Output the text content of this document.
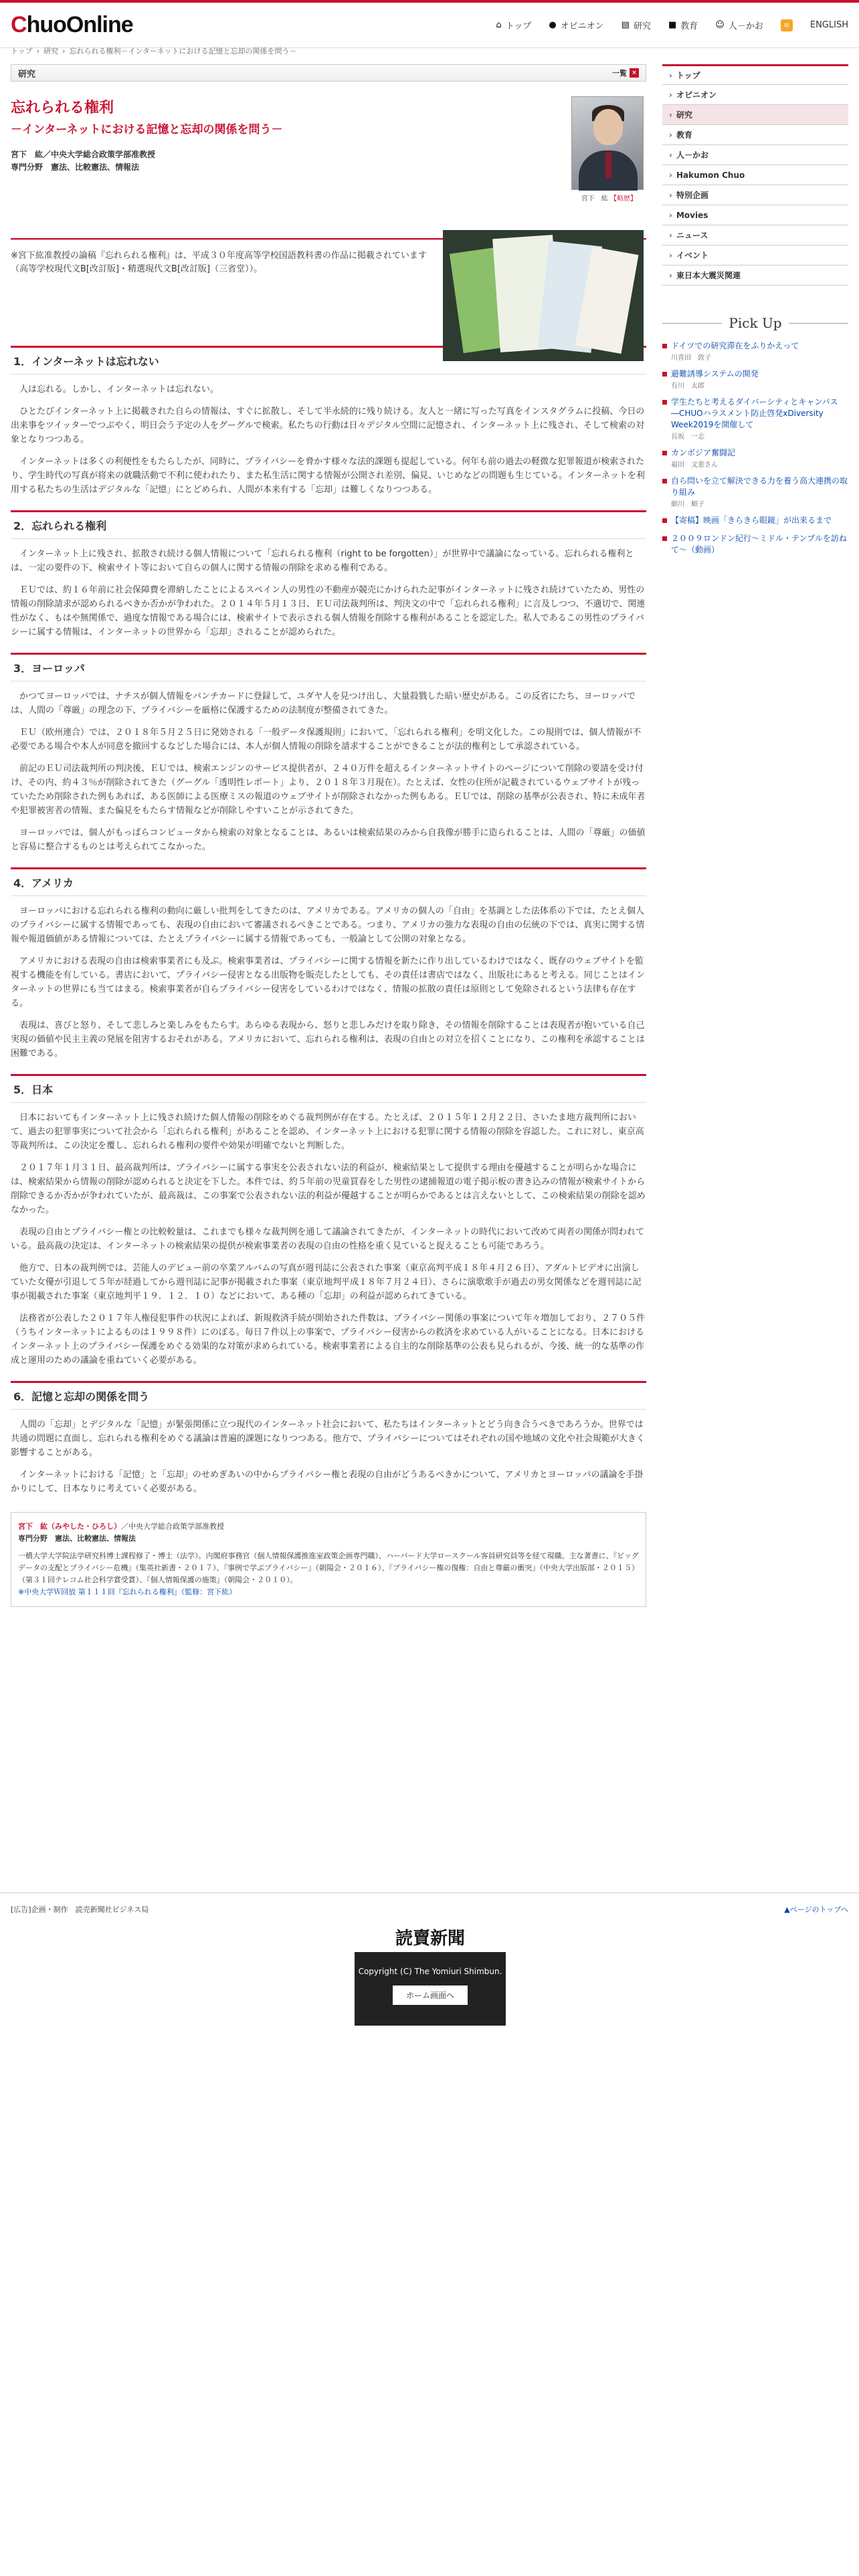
ChuoOnline	⌂ トップ ● オピニオン ▤ 研究 ■ 教育 ☺ 人－かお	≡	ENGLISH
トップ › 研究 › 忘れられる権利－インターネットにおける記憶と忘却の関係を問う－
研究	一覧 ×
忘れられる権利
－インターネットにおける記憶と忘却の関係を問う－
宮下　紘／中央大学総合政策学部准教授
専門分野　憲法、比較憲法、情報法
宮下　紘 【略歴】
※宮下紘准教授の論稿『忘れられる権利』は、平成３０年度高等学校国語教科書の作品に掲載されています（高等学校現代文B[改訂版]・精選現代文B[改訂版]（三省堂））。
1．インターネットは忘れない

人は忘れる。しかし、インターネットは忘れない。

ひとたびインターネット上に掲載された自らの情報は、すぐに拡散し、そして半永続的に残り続ける。友人と一緒に写った写真をインスタグラムに投稿、今日の出来事をツイッターでつぶやく、明日会う予定の人をグーグルで検索。私たちの行動は日々デジタル空間に記憶され、インターネット上に残され、そして検索の対象となりつつある。

インターネットは多くの利便性をもたらしたが、同時に、プライバシーを脅かす様々な法的課題も提起している。何年も前の過去の軽微な犯罪報道が検索されたり、学生時代の写真が将来の就職活動で不利に使われたり、また私生活に関する情報が公開され差別、偏見、いじめなどの問題も生じている。インターネットを利用する私たちの生活はデジタルな「記憶」にとどめられ、人間が本来有する「忘却」は難しくなりつつある。

2．忘れられる権利

インターネット上に残され、拡散され続ける個人情報について「忘れられる権利（right to be forgotten）」が世界中で議論になっている。忘れられる権利とは、一定の要件の下、検索サイト等において自らの個人に関する情報の削除を求める権利である。

ＥＵでは、約１６年前に社会保障費を滞納したことによるスペイン人の男性の不動産が競売にかけられた記事がインターネットに残され続けていたため、男性の情報の削除請求が認められるべきか否かが争われた。２０１４年５月１３日、ＥＵ司法裁判所は、判決文の中で「忘れられる権利」に言及しつつ、不適切で、関連性がなく、もはや無関係で、過度な情報である場合には、検索サイトで表示される個人情報を削除する権利があることを認定した。私人であるこの男性のプライバシーに属する情報は、インターネットの世界から「忘却」されることが認められた。

3．ヨーロッパ

かつてヨーロッパでは、ナチスが個人情報をパンチカードに登録して、ユダヤ人を見つけ出し、大量殺戮した暗い歴史がある。この反省にたち、ヨーロッパでは、人間の「尊厳」の理念の下、プライバシーを厳格に保護するための法制度が整備されてきた。

ＥＵ（欧州連合）では、２０１８年５月２５日に発効される「一般データ保護規則」において、「忘れられる権利」を明文化した。この規則では、個人情報が不必要である場合や本人が同意を撤回するなどした場合には、本人が個人情報の削除を請求することができることが法的権利として承認されている。

前記のＥＵ司法裁判所の判決後、ＥＵでは、検索エンジンのサービス提供者が、２４０万件を超えるインターネットサイトのページについて削除の要請を受け付け、その内、約４３％が削除されてきた（グーグル「透明性レポート」より、２０１８年３月現在）。たとえば、女性の住所が記載されているウェブサイトが残っていたため削除された例もあれば、ある医師による医療ミスの報道のウェブサイトが削除されなかった例もある。ＥＵでは、削除の基準が公表され、特に未成年者や犯罪被害者の情報、また偏見をもたらす情報などが削除しやすいことが示されてきた。

ヨーロッパでは、個人がもっぱらコンピュータから検索の対象となることは、あるいは検索結果のみから自我像が勝手に造られることは、人間の「尊厳」の価値と容易に整合するものとは考えられてこなかった。

4．アメリカ

ヨーロッパにおける忘れられる権利の動向に厳しい批判をしてきたのは、アメリカである。アメリカの個人の「自由」を基調とした法体系の下では、たとえ個人のプライバシーに属する情報であっても、表現の自由において審議されるべきことである。つまり、アメリカの強力な表現の自由の伝統の下では、真実に関する情報や報道価値がある情報については、たとえプライバシーに属する情報であっても、一般論として公開の対象となる。

アメリカにおける表現の自由は検索事業者にも及ぶ。検索事業者は、プライバシーに関する情報を新たに作り出しているわけではなく、既存のウェブサイトを監視する機能を有している。書店において、プライバシー侵害となる出版物を販売したとしても、その責任は書店ではなく、出版社にあると考える。同じことはインターネットの世界にも当てはまる。検索事業者が自らプライバシー侵害をしているわけではなく、情報の拡散の責任は原則として免除されるという法律も存在する。

表現は、喜びと怒り、そして悲しみと楽しみをもたらす。あらゆる表現から、怒りと悲しみだけを取り除き、その情報を削除することは表現者が抱いている自己実現の価値や民主主義の発展を阻害するおそれがある。アメリカにおいて、忘れられる権利は、表現の自由との対立を招くことになり、この権利を承認することは困難である。

5．日本

日本においてもインターネット上に残され続けた個人情報の削除をめぐる裁判例が存在する。たとえば、２０１５年１２月２２日、さいたま地方裁判所において、過去の犯罪事実について社会から「忘れられる権利」があることを認め、インターネット上における犯罪に関する情報の削除を容認した。これに対し、東京高等裁判所は、この決定を覆し、忘れられる権利の要件や効果が明確でないと判断した。

２０１７年１月３１日、最高裁判所は、プライバシーに属する事実を公表されない法的利益が、検索結果として提供する理由を優越することが明らかな場合には、検索結果から情報の削除が認められると決定を下した。本件では、約５年前の児童買春をした男性の逮捕報道の電子掲示板の書き込みの情報が検索サイトから削除できるか否かが争われていたが、最高裁は、この事案で公表されない法的利益が優越することが明らかであるとは言えないとして、この検索結果の削除を認めなかった。

表現の自由とプライバシー権との比較較量は、これまでも様々な裁判例を通して議論されてきたが、インターネットの時代において改めて両者の関係が問われている。最高裁の決定は、インターネットの検索結果の提供が検索事業者の表現の自由の性格を重く見ていると捉えることも可能であろう。

他方で、日本の裁判例では、芸能人のデビュー前の卒業アルバムの写真が週刊誌に公表された事案（東京高判平成１８年４月２６日）、アダルトビデオに出演していた女優が引退して５年が経過してから週刊誌に記事が掲載された事案（東京地判平成１８年７月２４日）、さらに演歌歌手が過去の男女関係などを週刊誌に記事が掲載された事案（東京地判平１９．１２．１０）などにおいて、ある種の「忘却」の利益が認められてきている。

法務省が公表した２０１７年人権侵犯事件の状況によれば、新規救済手続が開始された件数は、プライバシー関係の事案について年々増加しており、２７０５件（うちインターネットによるものは１９９８件）にのぼる。毎日７件以上の事案で、プライバシー侵害からの救済を求めている人がいることになる。日本におけるインターネット上のプライバシー保護をめぐる効果的な対策が求められている。検索事業者による自主的な削除基準の公表も見られるが、今後、統一的な基準の作成と運用のための議論を重ねていく必要がある。

6．記憶と忘却の関係を問う

人間の「忘却」とデジタルな「記憶」が緊張関係に立つ現代のインターネット社会において、私たちはインターネットとどう向き合うべきであろうか。世界では共通の問題に直面し、忘れられる権利をめぐる議論は普遍的課題になりつつある。他方で、プライバシーについてはそれぞれの国や地域の文化や社会規範が大きく影響することがある。

インターネットにおける「記憶」と「忘却」のせめぎあいの中からプライバシー権と表現の自由がどうあるべきかについて、アメリカとヨーロッパの議論を手掛かりにして、日本なりに考えていく必要がある。

宮下　紘（みやした・ひろし）／中央大学総合政策学部准教授
専門分野　憲法、比較憲法、情報法
一橋大学大学院法学研究科博士課程修了・博士（法学）。内閣府事務官（個人情報保護推進室政策企画専門職）、ハーバード大学ロースクール客員研究員等を経て現職。主な著書に、『ビッグデータの支配とプライバシー危機』（集英社新書・２０１７）、『事例で学ぶプライバシー』（朝陽会・２０１６）、『プライバシー権の復権：自由と尊厳の衝突』（中央大学出版部・２０１５）（第３１回テレコム社会科学賞受賞）、『個人情報保護の施策』（朝陽会・２０１０）。
※中央大学Ｗ回放 第１１１回『忘れられる権利』（監修：宮下紘）
› トップ
› オピニオン
› 研究
› 教育
› 人－かお
› Hakumon Chuo
› 特別企画
› Movies
› ニュース
› イベント
› 東日本大震災関連
Pick Up
ドイツでの研究滞在をふりかえって
川喜田　敦子
避難誘導システムの開発
有川　太郎
学生たちと考えるダイバーシティとキャンパス ―CHUOハラスメント防止啓発xDiversity Week2019を開催して
長坂　一志
カンボジア奮闘記
福田　文恵さん
自ら問いを立て解決できる力を養う高大連携の取り組み
細川　順子
【寄稿】映画「きらきら眼鏡」が出来るまで
２００９ロンドン紀行～ミドル・テンプルを訪ねて～（動画）
[広告]企画・制作　読売新聞社ビジネス局	▲ページのトップへ
読賣新聞
Copyright (C) The Yomiuri Shimbun.
ホーム画面へ
